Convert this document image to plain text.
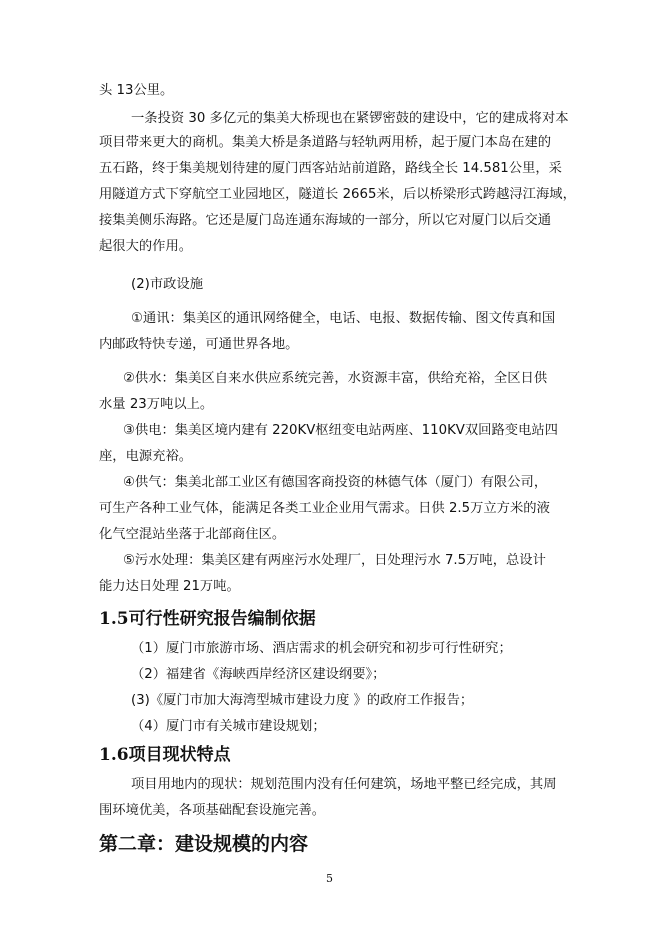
头 13公里。
一条投资 30 多亿元的集美大桥现也在紧锣密鼓的建设中，它的建成将对本
项目带来更大的商机。集美大桥是条道路与轻轨两用桥，起于厦门本岛在建的
五石路，终于集美规划待建的厦门西客站站前道路，路线全长 14.581公里，采
用隧道方式下穿航空工业园地区，隧道长 2665米，后以桥梁形式跨越浔江海域，
接集美侧乐海路。它还是厦门岛连通东海域的一部分，所以它对厦门以后交通
起很大的作用。
(2)市政设施
①通讯：集美区的通讯网络健全，电话、电报、数据传输、图文传真和国
内邮政特快专递，可通世界各地。
②供水：集美区自来水供应系统完善，水资源丰富，供给充裕，全区日供
水量 23万吨以上。
③供电：集美区境内建有 220KV枢纽变电站两座、110KV双回路变电站四
座，电源充裕。
④供气：集美北部工业区有德国客商投资的林德气体（厦门）有限公司，
可生产各种工业气体，能满足各类工业企业用气需求。日供 2.5万立方米的液
化气空混站坐落于北部商住区。
⑤污水处理：集美区建有两座污水处理厂，日处理污水 7.5万吨，总设计
能力达日处理 21万吨。
1.5可行性研究报告编制依据
（1）厦门市旅游市场、酒店需求的机会研究和初步可行性研究；
（2）福建省《海峡西岸经济区建设纲要》；
(3)《厦门市加大海湾型城市建设力度 》的政府工作报告；
（4）厦门市有关城市建设规划；
1.6项目现状特点
项目用地内的现状：规划范围内没有任何建筑，场地平整已经完成，其周
围环境优美，各项基础配套设施完善。
第二章：建设规模的内容
5
